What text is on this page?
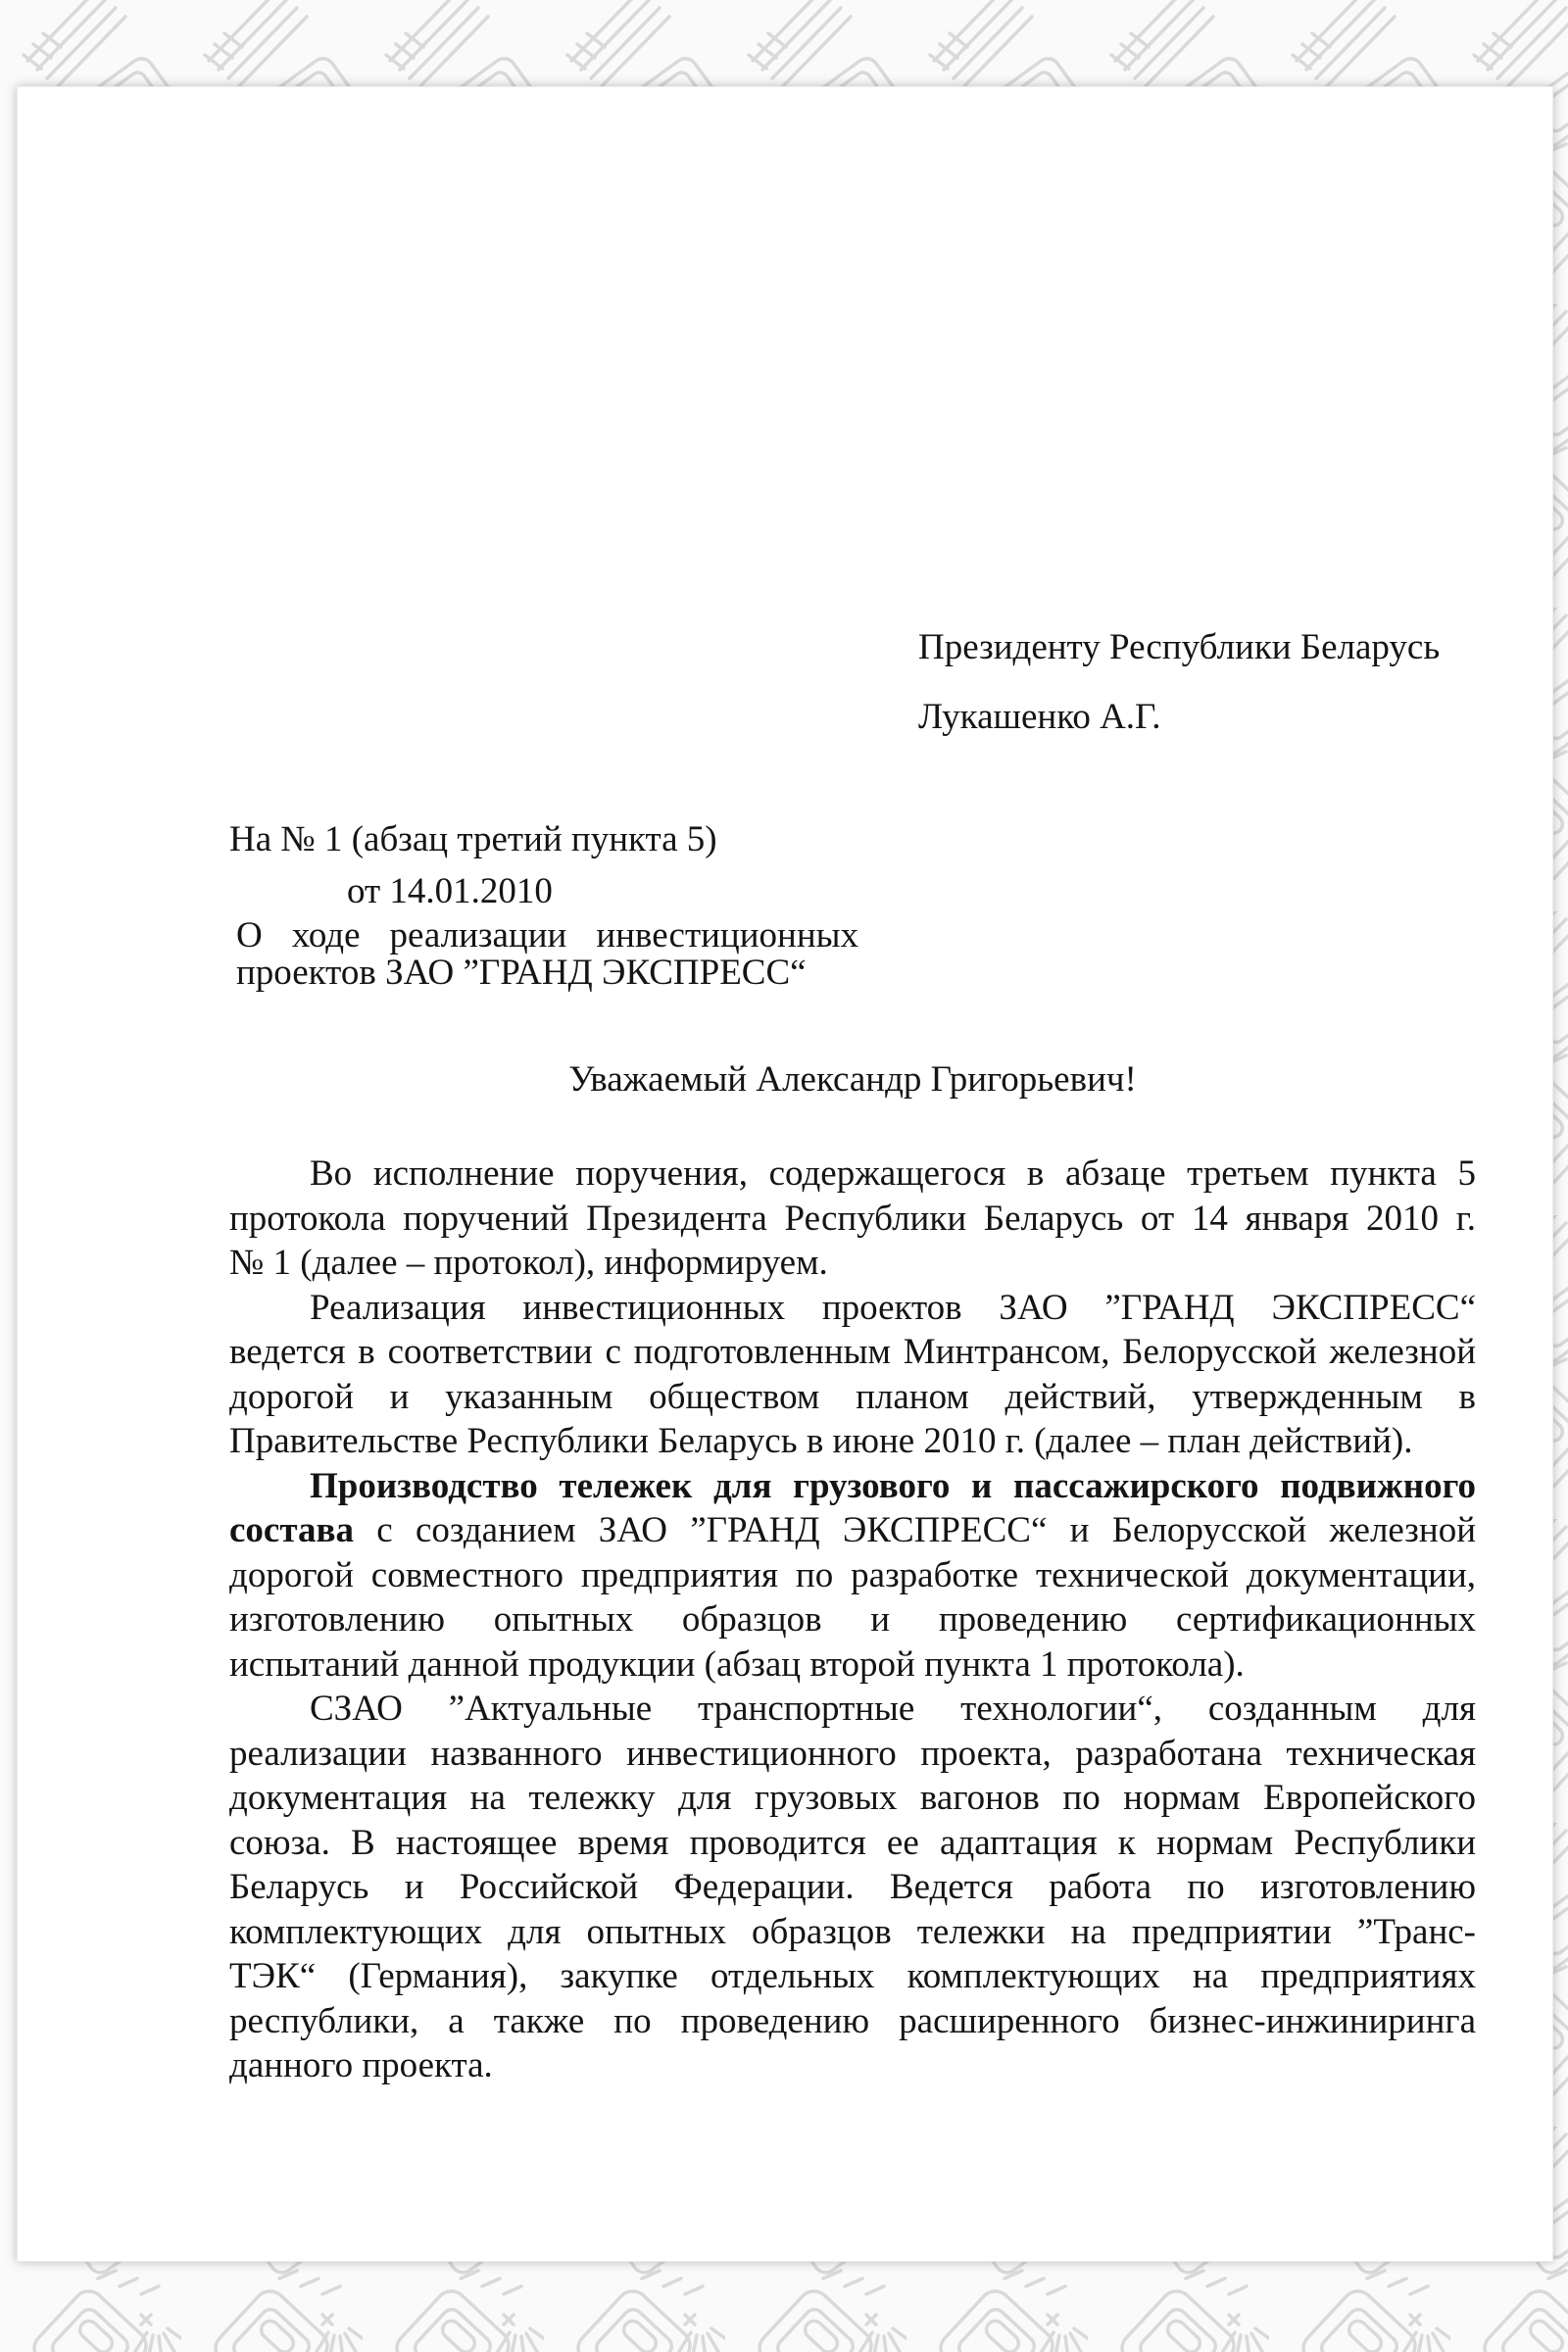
Президенту Республики Беларусь
Лукашенко А.Г.
На № 1 (абзац третий пункта 5)
от 14.01.2010
О ходе реализации инвестиционных
проектов ЗАО ”ГРАНД ЭКСПРЕСС“
Уважаемый Александр Григорьевич!
Во исполнение поручения, содержащегося в абзаце третьем пункта 5
протокола поручений Президента Республики Беларусь от 14 января 2010 г.
№ 1 (далее – протокол), информируем.
Реализация инвестиционных проектов ЗАО ”ГРАНД ЭКСПРЕСС“
ведется в соответствии с подготовленным Минтрансом, Белорусской железной
дорогой и указанным обществом планом действий, утвержденным в
Правительстве Республики Беларусь в июне 2010 г. (далее – план действий).
Производство тележек для грузового и пассажирского подвижного
состава с созданием ЗАО ”ГРАНД ЭКСПРЕСС“ и Белорусской железной
дорогой совместного предприятия по разработке технической документации,
изготовлению опытных образцов и проведению сертификационных
испытаний данной продукции (абзац второй пункта 1 протокола).
СЗАО ”Актуальные транспортные технологии“, созданным для
реализации названного инвестиционного проекта, разработана техническая
документация на тележку для грузовых вагонов по нормам Европейского
союза. В настоящее время проводится ее адаптация к нормам Республики
Беларусь и Российской Федерации. Ведется работа по изготовлению
комплектующих для опытных образцов тележки на предприятии ”Транс-
ТЭК“ (Германия), закупке отдельных комплектующих на предприятиях
республики, а также по проведению расширенного бизнес-инжиниринга
данного проекта.
